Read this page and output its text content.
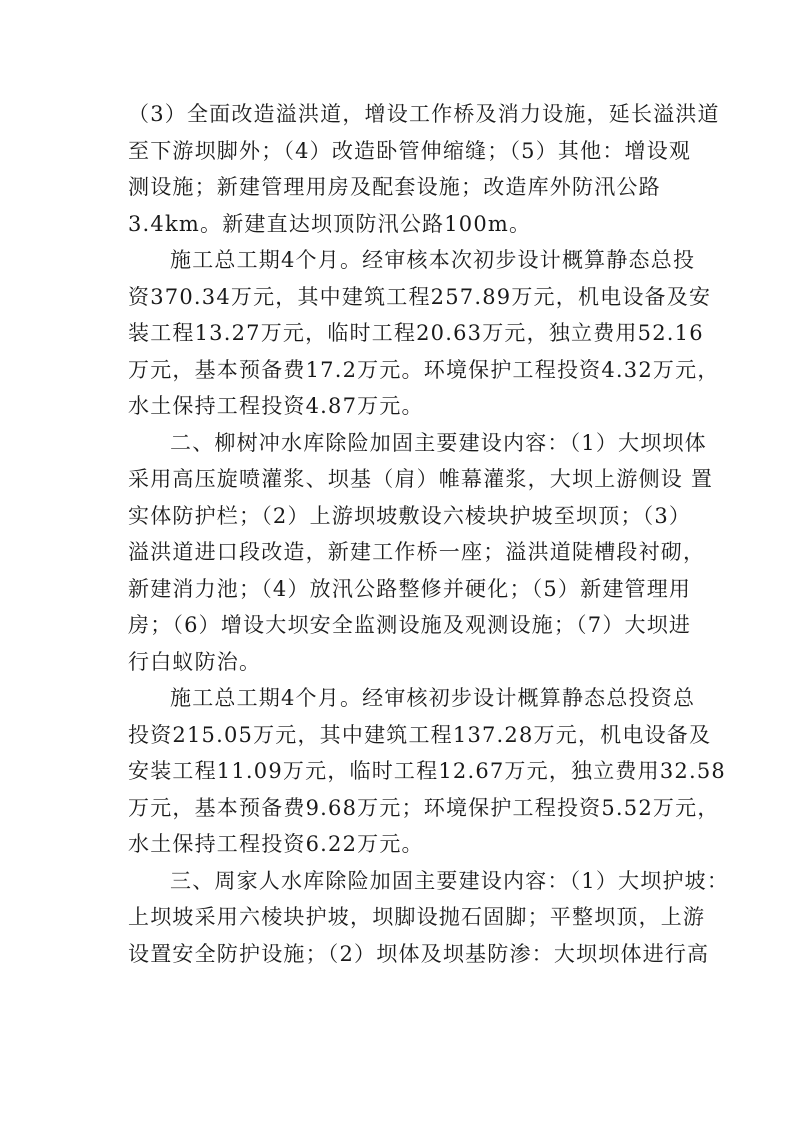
（3）全面改造溢洪道，增设工作桥及消力设施，延长溢洪道
至下游坝脚外；（4）改造卧管伸缩缝；（5）其他：增设观
测设施；新建管理用房及配套设施；改造库外防汛公路
3.4km。新建直达坝顶防汛公路100m。
施工总工期4个月。经审核本次初步设计概算静态总投
资370.34万元，其中建筑工程257.89万元，机电设备及安
装工程13.27万元，临时工程20.63万元，独立费用52.16
万元，基本预备费17.2万元。环境保护工程投资4.32万元，
水土保持工程投资4.87万元。
二、柳树冲水库除险加固主要建设内容：（1）大坝坝体
采用高压旋喷灌浆、坝基（肩）帷幕灌浆，大坝上游侧设 置
实体防护栏；（2）上游坝坡敷设六棱块护坡至坝顶；（3）
溢洪道进口段改造，新建工作桥一座；溢洪道陡槽段衬砌，
新建消力池；（4）放汛公路整修并硬化；（5）新建管理用
房；（6）增设大坝安全监测设施及观测设施；（7）大坝进
行白蚁防治。
施工总工期4个月。经审核初步设计概算静态总投资总
投资215.05万元，其中建筑工程137.28万元，机电设备及
安装工程11.09万元，临时工程12.67万元，独立费用32.58
万元，基本预备费9.68万元；环境保护工程投资5.52万元，
水土保持工程投资6.22万元。
三、周家人水库除险加固主要建设内容：（1）大坝护坡：
上坝坡采用六棱块护坡，坝脚设抛石固脚；平整坝顶，上游
设置安全防护设施；（2）坝体及坝基防渗：大坝坝体进行高
